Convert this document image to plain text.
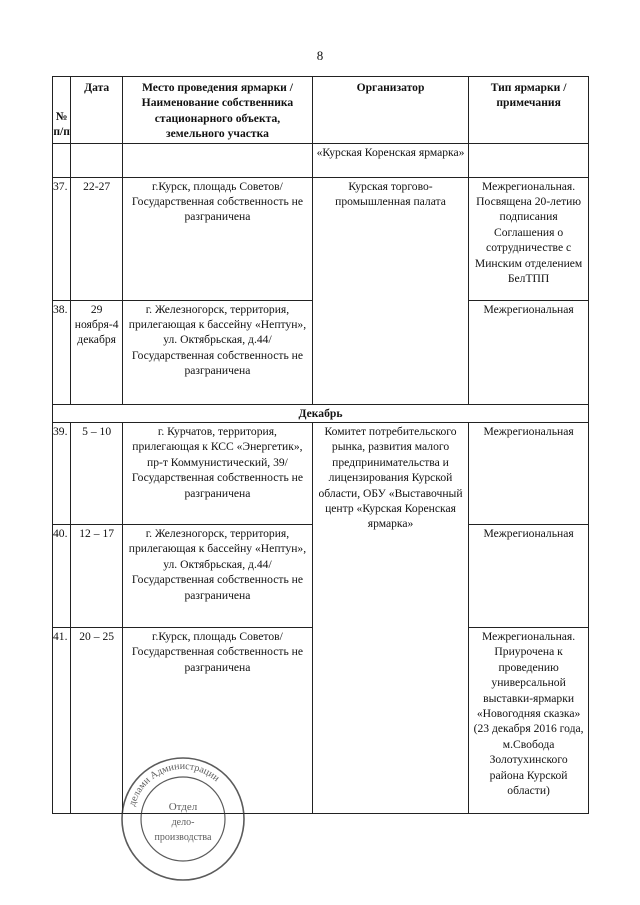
8
№ п/п	Дата	Место проведения ярмарки / Наименование собственника стационарного объекта, земельного участка	Организатор	Тип ярмарки / примечания
			«Курская Коренская ярмарка»	
37.	22-27	г.Курск, площадь Советов/ Государственная собственность не разграничена	Курская торгово-промышленная палата	Межрегиональная. Посвящена 20-летию подписания Соглашения о сотрудничестве с Минским отделением БелТПП
38.	29 ноября-4 декабря	г. Железногорск, территория, прилегающая к бассейну «Нептун», ул. Октябрьская, д.44/ Государственная собственность не разграничена		Межрегиональная
Декабрь				
39.	5 – 10	г. Курчатов, территория, прилегающая к КСС «Энергетик», пр-т Коммунистический, 39/ Государственная собственность не разграничена	Комитет потребительского рынка, развития малого предпринимательства и лицензирования Курской области, ОБУ «Выставочный центр «Курская Коренская ярмарка»	Межрегиональная
40.	12 – 17	г. Железногорск, территория, прилегающая к бассейну «Нептун», ул. Октябрьская, д.44/ Государственная собственность не разграничена		Межрегиональная
41.	20 – 25	г.Курск, площадь Советов/ Государственная собственность не разграничена		Межрегиональная. Приурочена к проведению универсальной выставки-ярмарки «Новогодняя сказка» (23 декабря 2016 года, м.Свобода Золотухинского района Курской области)
делами Администрации
Отдел
дело-
производства
